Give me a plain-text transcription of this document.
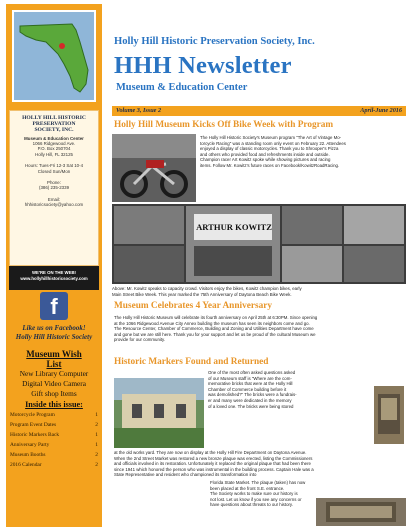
HOLLY HILL HISTORIC
PRESERVATION
SOCIETY, INC.
Museum & Education Center
1066 Ridgewood Ave.
P.O. Box 250704
Holly Hill, FL 32125
Hours: Tues-Fri 12-3 Sat 10-4
Closed Sun/Mon
Phone:
(386) 235-2339
Email:
hhhistoricsociety@yahoo.com
WE'RE ON THE WEB!
www.hollyhillhistoricsociety.com
f
Like us on Facebook!
Holly Hill Historic Society
Museum Wish
List
New Library Computer
Digital Video Camera
Gift shop Items
Inside this issue:
Motorcycle Program	1
Program Event Dates	2
Historic Markers Back	1
Anniversary Party	1
Museum Booths	2
2016 Calendar	2
Holly Hill Historic Preservation Society, Inc.
HHH Newsletter
Museum & Education Center
Volume 3, Issue 2	April-June 2016
Holly Hill Museum Kicks Off Bike Week with Program
The Holly Hill Historic Society's Museum program "The Art of Vintage Mo-
torcycle Racing" was a standing room only event on February 22. Attendees
enjoyed a display of classic motorcycles. Thank you to Shrooper's Pizza
and others who provided food and refreshments inside and outside.
Champion racer Art Kowitz spoke while showing pictures and racing
items. Follow Mr. Kowitz's future races on Facebook/KowitzRoadRacing.
ARTHUR KOWITZ
Above: Mr. Kowitz speaks to capacity crowd. Visitors enjoy the bikes, Kowitz champion bikes, early
Main Street Bike Week. This year marked the 75th Anniversary of Daytona Beach Bike Week.
Museum Celebrates 4 Year Anniversary
The Holly Hill Historic Museum will celebrate its fourth anniversary on April 25th at 6:30PM. Since opening
at the 1066 Ridgewood Avenue City Annex building the museum has seen its neighbors come and go.
The Resource Center, Chamber of Commerce, Building and Zoning and Utilities Department have come
and gone but we are still here. Thank you for your support and let us be proud of the cultural Museum we
provide for our community.
Historic Markers Found and Returned
One of the most often asked questions asked
of our Museum staff is "Where are the com-
memorative bricks that were at the Holly Hill
Chamber of Commerce building before it
was demolished?" The bricks were a fundrais-
er and many were dedicated in the memory
of a loved one. The bricks were being stored
at the old works yard. They are now on display at the Holly Hill Fire Department on Daytona Avenue.
When the 2nd Street Market was restored a new bronze plaque was erected, listing the Commissioners
and officials involved in its restoration. Unfortunately it replaced the original plaque that had been there
since 1941 which honored the person who was instrumental in the building process. Captain Hale was a
State Representative and resident who championed its transformation into
Florida State Market. The plaque (taken) has now
been placed at the front S.E. entrance.
The Society works to make sure our history is
not lost. Let us know if you see any concerns or
have questions about threats to our history.
